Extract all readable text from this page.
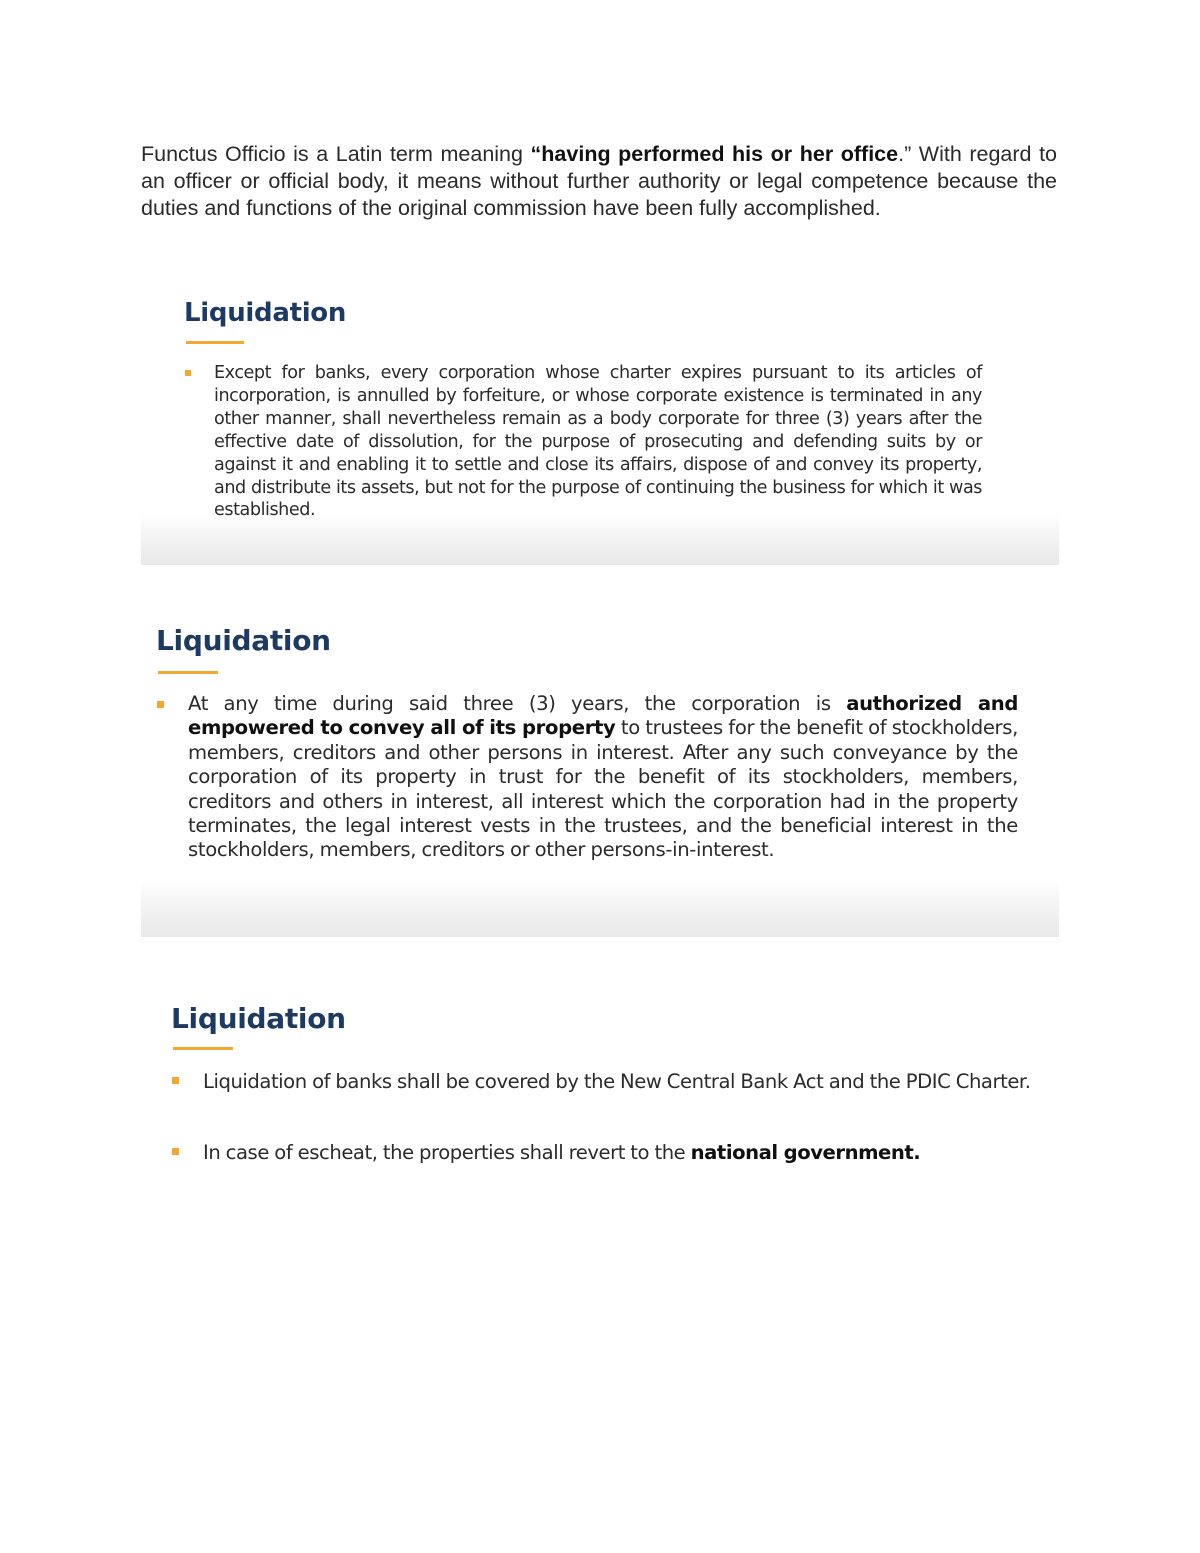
Functus Officio is a Latin term meaning “having performed his or her office.” With regard to an officer or official body, it means without further authority or legal competence because the duties and functions of the original commission have been fully accomplished.

Liquidation

Except for banks, every corporation whose charter expires pursuant to its articles of incorporation, is annulled by forfeiture, or whose corporate existence is terminated in any other manner, shall nevertheless remain as a body corporate for three (3) years after the effective date of dissolution, for the purpose of prosecuting and defending suits by or against it and enabling it to settle and close its affairs, dispose of and convey its property, and distribute its assets, but not for the purpose of continuing the business for which it was established.

Liquidation

At any time during said three (3) years, the corporation is authorized and empowered to convey all of its property to trustees for the benefit of stockholders, members, creditors and other persons in interest. After any such conveyance by the corporation of its property in trust for the benefit of its stockholders, members, creditors and others in interest, all interest which the corporation had in the property terminates, the legal interest vests in the trustees, and the beneficial interest in the stockholders, members, creditors or other persons-in-interest.

Liquidation

Liquidation of banks shall be covered by the New Central Bank Act and the PDIC Charter.

In case of escheat, the properties shall revert to the national government.
